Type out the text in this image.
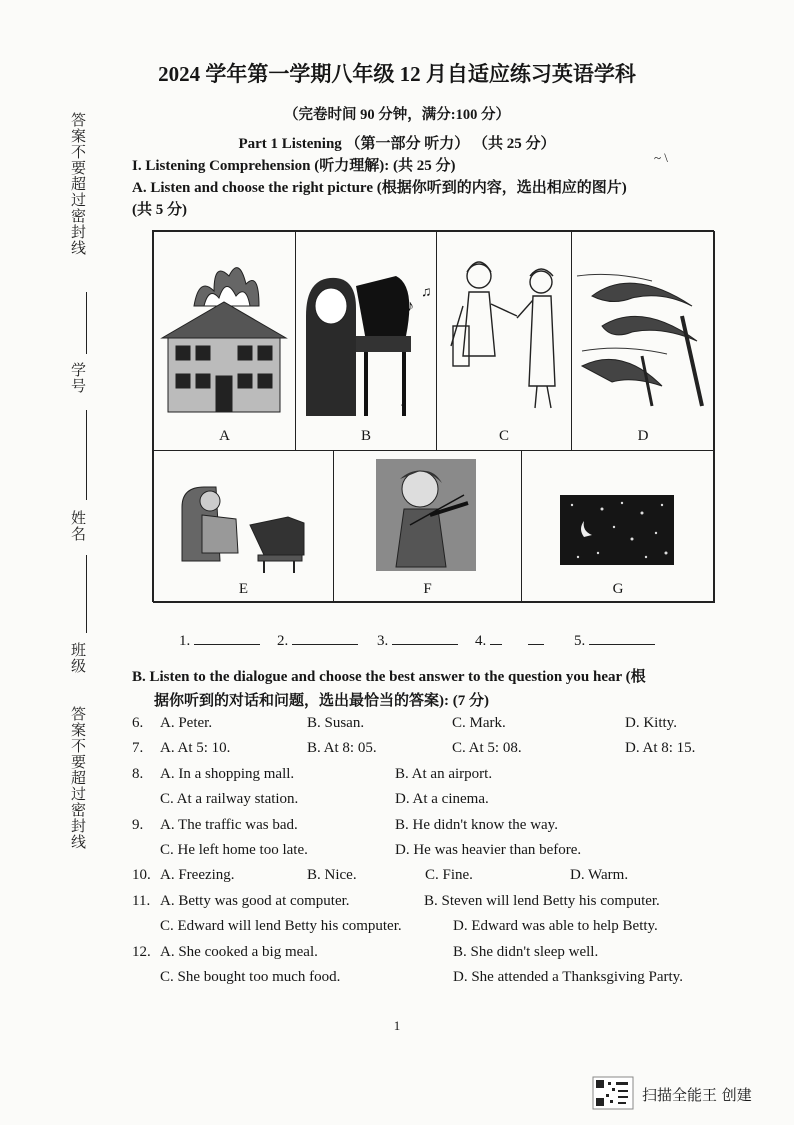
答案不要超过密封线
学号
姓名
班级
答案不要超过密封线
2024 学年第一学期八年级 12 月自适应练习英语学科
（完卷时间 90 分钟，满分:100 分）
Part 1 Listening （第一部分 听力） （共 25 分）
I. Listening Comprehension (听力理解): (共 25 分)
~ \
A. Listen and choose the right picture (根据你听到的内容，选出相应的图片)
(共 5 分)
A
♪
♫
♪
B	C	D
E	F	G
1.	2.	3.	4.	5.
B. Listen to the dialogue and choose the best answer to the question you hear (根
据你听到的对话和问题，选出最恰当的答案): (7 分)
6. A. Peter.	B. Susan.	C. Mark.	D. Kitty.
7. A. At 5: 10.	B. At 8: 05.	C. At 5: 08.	D. At 8: 15.
8. A. In a shopping mall.	B. At an airport.
C. At a railway station.	D. At a cinema.
9. A. The traffic was bad.	B. He didn't know the way.
C. He left home too late.	D. He was heavier than before.
10. A. Freezing.	B. Nice.	C. Fine.	D. Warm.
11. A. Betty was good at computer.	B. Steven will lend Betty his computer.
C. Edward will lend Betty his computer.	D. Edward was able to help Betty.
12. A. She cooked a big meal.	B. She didn't sleep well.
C. She bought too much food.	D. She attended a Thanksgiving Party.
1
扫描全能王 创建
